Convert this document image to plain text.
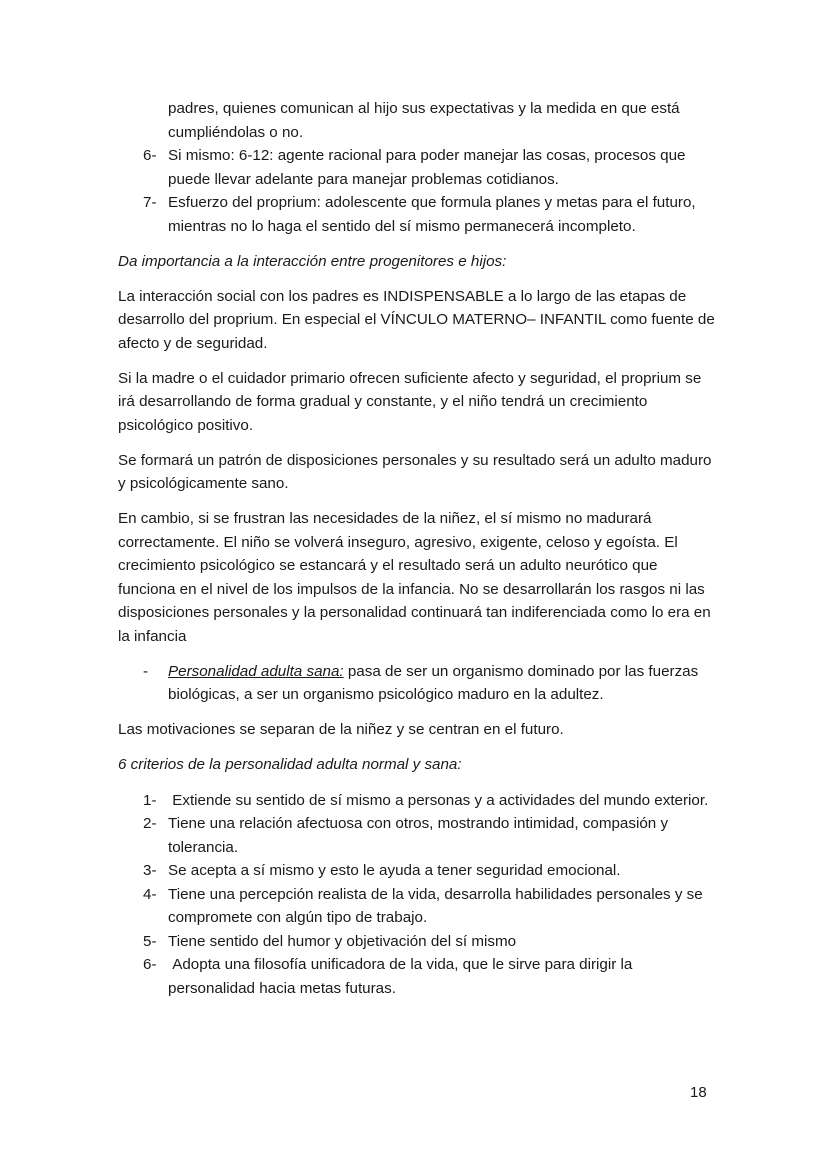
padres, quienes comunican al hijo sus expectativas y la medida en que está cumpliéndolas o no.
6- Si mismo: 6-12: agente racional para poder manejar las cosas, procesos que puede llevar adelante para manejar problemas cotidianos.
7- Esfuerzo del proprium: adolescente que formula planes y metas para el futuro, mientras no lo haga el sentido del sí mismo permanecerá incompleto.

Da importancia a la interacción entre progenitores e hijos:

La interacción social con los padres es INDISPENSABLE a lo largo de las etapas de desarrollo del proprium. En especial el VÍNCULO MATERNO– INFANTIL como fuente de afecto y de seguridad.

Si la madre o el cuidador primario ofrecen suficiente afecto y seguridad, el proprium se irá desarrollando de forma gradual y constante, y el niño tendrá un crecimiento psicológico positivo.

Se formará un patrón de disposiciones personales y su resultado será un adulto maduro y psicológicamente sano.

En cambio, si se frustran las necesidades de la niñez, el sí mismo no madurará correctamente. El niño se volverá inseguro, agresivo, exigente, celoso y egoísta. El crecimiento psicológico se estancará y el resultado será un adulto neurótico que funciona en el nivel de los impulsos de la infancia. No se desarrollarán los rasgos ni las disposiciones personales y la personalidad continuará tan indiferenciada como lo era en la infancia

-	Personalidad adulta sana: pasa de ser un organismo dominado por las fuerzas biológicas, a ser un organismo psicológico maduro en la adultez.

Las motivaciones se separan de la niñez y se centran en el futuro.

6 criterios de la personalidad adulta normal y sana:

1- Extiende su sentido de sí mismo a personas y a actividades del mundo exterior.
2- Tiene una relación afectuosa con otros, mostrando intimidad, compasión y tolerancia.
3- Se acepta a sí mismo y esto le ayuda a tener seguridad emocional.
4- Tiene una percepción realista de la vida, desarrolla habilidades personales y se compromete con algún tipo de trabajo.
5- Tiene sentido del humor y objetivación del sí mismo
6- Adopta una filosofía unificadora de la vida, que le sirve para dirigir la personalidad hacia metas futuras.
18
